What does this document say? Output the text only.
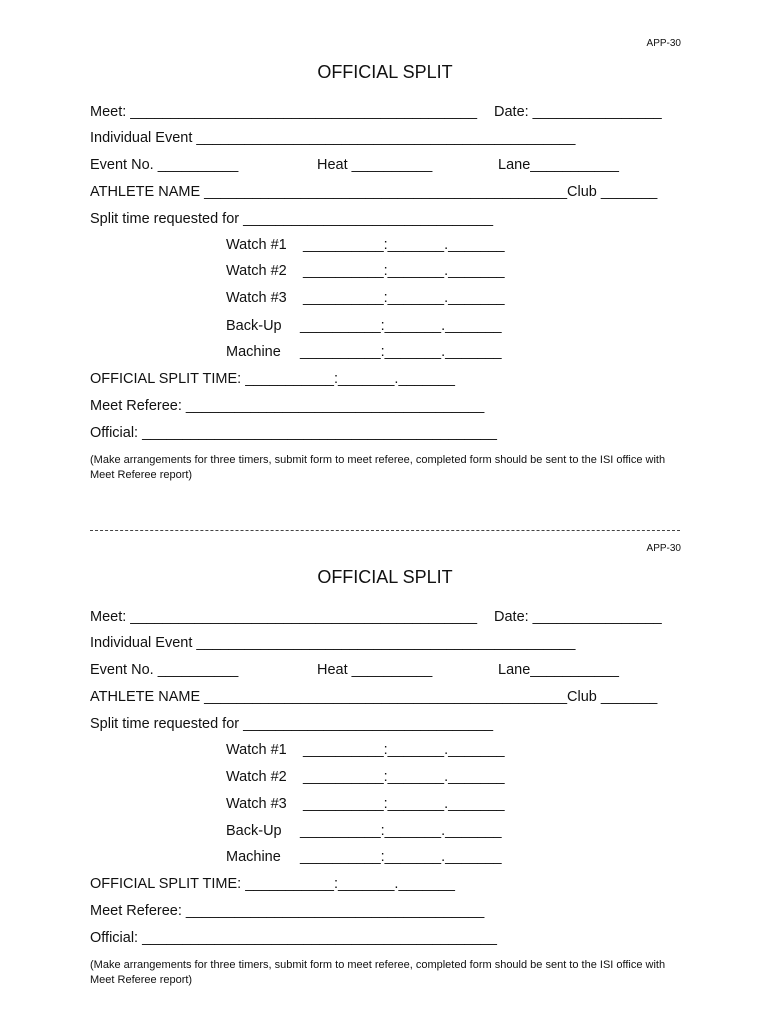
APP-30
OFFICIAL SPLIT
Meet: ___________________________________________ Date: ________________
Individual Event _______________________________________________
Event No. __________	Heat __________	Lane___________
ATHLETE NAME _____________________________________________Club _______
Split time requested for _______________________________
Watch #1 __________:_______._______
Watch #2 __________:_______._______
Watch #3 __________:_______._______
Back-Up __________:_______._______
Machine __________:_______._______
OFFICIAL SPLIT TIME: ___________:_______._______
Meet Referee: _____________________________________
Official: ____________________________________________
(Make arrangements for three timers, submit form to meet referee, completed form should be sent to the ISI office with Meet Referee report)
APP-30
OFFICIAL SPLIT
Meet: ___________________________________________ Date: ________________
Individual Event _______________________________________________
Event No. __________	Heat __________	Lane___________
ATHLETE NAME _____________________________________________Club _______
Split time requested for _______________________________
Watch #1 __________:_______._______
Watch #2 __________:_______._______
Watch #3 __________:_______._______
Back-Up __________:_______._______
Machine __________:_______._______
OFFICIAL SPLIT TIME: ___________:_______._______
Meet Referee: _____________________________________
Official: ____________________________________________
(Make arrangements for three timers, submit form to meet referee, completed form should be sent to the ISI office with Meet Referee report)
